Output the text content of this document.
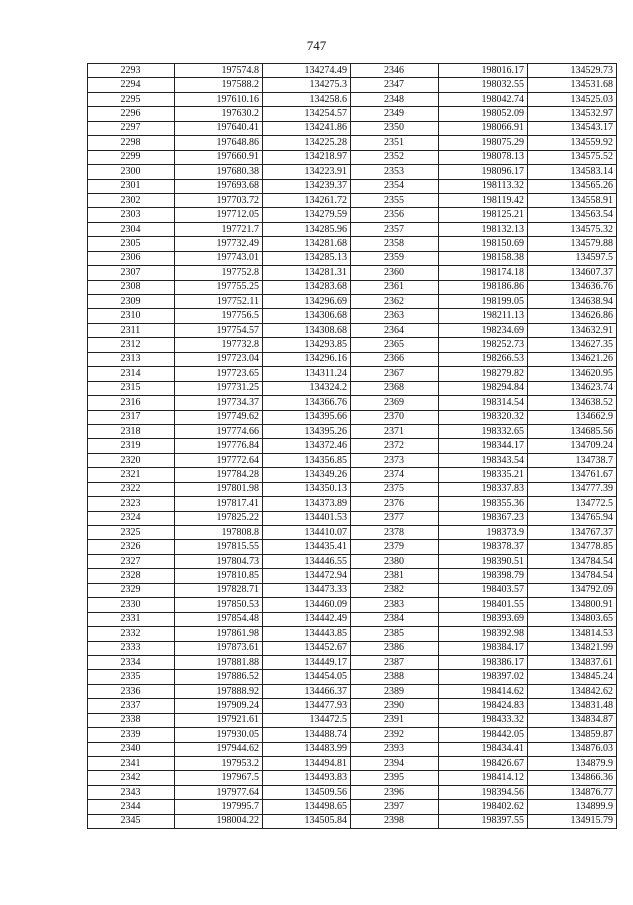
747
2293	197574.8	134274.49	2346	198016.17	134529.73
2294	197588.2	134275.3	2347	198032.55	134531.68
2295	197610.16	134258.6	2348	198042.74	134525.03
2296	197630.2	134254.57	2349	198052.09	134532.97
2297	197640.41	134241.86	2350	198066.91	134543.17
2298	197648.86	134225.28	2351	198075.29	134559.92
2299	197660.91	134218.97	2352	198078.13	134575.52
2300	197680.38	134223.91	2353	198096.17	134583.14
2301	197693.68	134239.37	2354	198113.32	134565.26
2302	197703.72	134261.72	2355	198119.42	134558.91
2303	197712.05	134279.59	2356	198125.21	134563.54
2304	197721.7	134285.96	2357	198132.13	134575.32
2305	197732.49	134281.68	2358	198150.69	134579.88
2306	197743.01	134285.13	2359	198158.38	134597.5
2307	197752.8	134281.31	2360	198174.18	134607.37
2308	197755.25	134283.68	2361	198186.86	134636.76
2309	197752.11	134296.69	2362	198199.05	134638.94
2310	197756.5	134306.68	2363	198211.13	134626.86
2311	197754.57	134308.68	2364	198234.69	134632.91
2312	197732.8	134293.85	2365	198252.73	134627.35
2313	197723.04	134296.16	2366	198266.53	134621.26
2314	197723.65	134311.24	2367	198279.82	134620.95
2315	197731.25	134324.2	2368	198294.84	134623.74
2316	197734.37	134366.76	2369	198314.54	134638.52
2317	197749.62	134395.66	2370	198320.32	134662.9
2318	197774.66	134395.26	2371	198332.65	134685.56
2319	197776.84	134372.46	2372	198344.17	134709.24
2320	197772.64	134356.85	2373	198343.54	134738.7
2321	197784.28	134349.26	2374	198335.21	134761.67
2322	197801.98	134350.13	2375	198337.83	134777.39
2323	197817.41	134373.89	2376	198355.36	134772.5
2324	197825.22	134401.53	2377	198367.23	134765.94
2325	197808.8	134410.07	2378	198373.9	134767.37
2326	197815.55	134435.41	2379	198378.37	134778.85
2327	197804.73	134446.55	2380	198390.51	134784.54
2328	197810.85	134472.94	2381	198398.79	134784.54
2329	197828.71	134473.33	2382	198403.57	134792.09
2330	197850.53	134460.09	2383	198401.55	134800.91
2331	197854.48	134442.49	2384	198393.69	134803.65
2332	197861.98	134443.85	2385	198392.98	134814.53
2333	197873.61	134452.67	2386	198384.17	134821.99
2334	197881.88	134449.17	2387	198386.17	134837.61
2335	197886.52	134454.05	2388	198397.02	134845.24
2336	197888.92	134466.37	2389	198414.62	134842.62
2337	197909.24	134477.93	2390	198424.83	134831.48
2338	197921.61	134472.5	2391	198433.32	134834.87
2339	197930.05	134488.74	2392	198442.05	134859.87
2340	197944.62	134483.99	2393	198434.41	134876.03
2341	197953.2	134494.81	2394	198426.67	134879.9
2342	197967.5	134493.83	2395	198414.12	134866.36
2343	197977.64	134509.56	2396	198394.56	134876.77
2344	197995.7	134498.65	2397	198402.62	134899.9
2345	198004.22	134505.84	2398	198397.55	134915.79
